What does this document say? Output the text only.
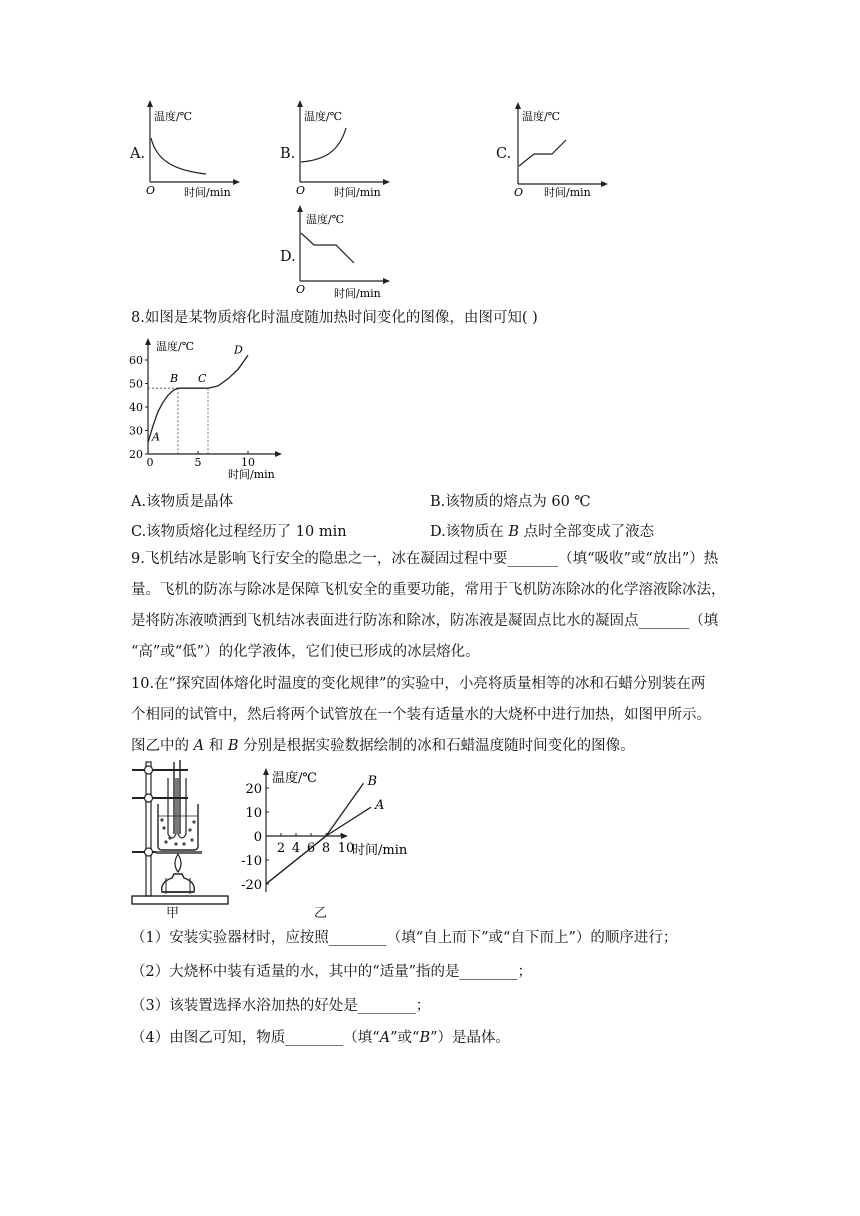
A.
温度/℃
O	时间/min
B.
温度/℃
O	时间/min
C.
温度/℃
O 时间/min
D.
温度/℃
O	时间/min
8.如图是某物质熔化时温度随加热时间变化的图像，由图可知( )
温度/℃
时间/min
20
30
40
50
60
0	5	10
A
B C
D
A.该物质是晶体	B.该物质的熔点为 60 ℃
C.该物质熔化过程经历了 10 min	D.该物质在 B 点时全部变成了液态

9.飞机结冰是影响飞行安全的隐患之一，冰在凝固过程中要_______（填“吸收”或“放出”）热

量。飞机的防冻与除冰是保障飞机安全的重要功能，常用于飞机防冻除冰的化学溶液除冰法，

是将防冻液喷洒到飞机结冰表面进行防冻和除冰，防冻液是凝固点比水的凝固点_______（填

“高”或“低”）的化学液体，它们使已形成的冰层熔化。

10.在“探究固体熔化时温度的变化规律”的实验中，小亮将质量相等的冰和石蜡分别装在两

个相同的试管中，然后将两个试管放在一个装有适量水的大烧杯中进行加热，如图甲所示。

图乙中的 A 和 B 分别是根据实验数据绘制的冰和石蜡温度随时间变化的图像。

甲
温度/℃
时间/min
-20
-10
0
10
20
2 4 6 8 10
A
B
乙
（1）安装实验器材时，应按照________（填“自上而下”或“自下而上”）的顺序进行；
（2）大烧杯中装有适量的水，其中的“适量”指的是________；
（3）该装置选择水浴加热的好处是________；
（4）由图乙可知，物质________（填“A”或“B”）是晶体。
